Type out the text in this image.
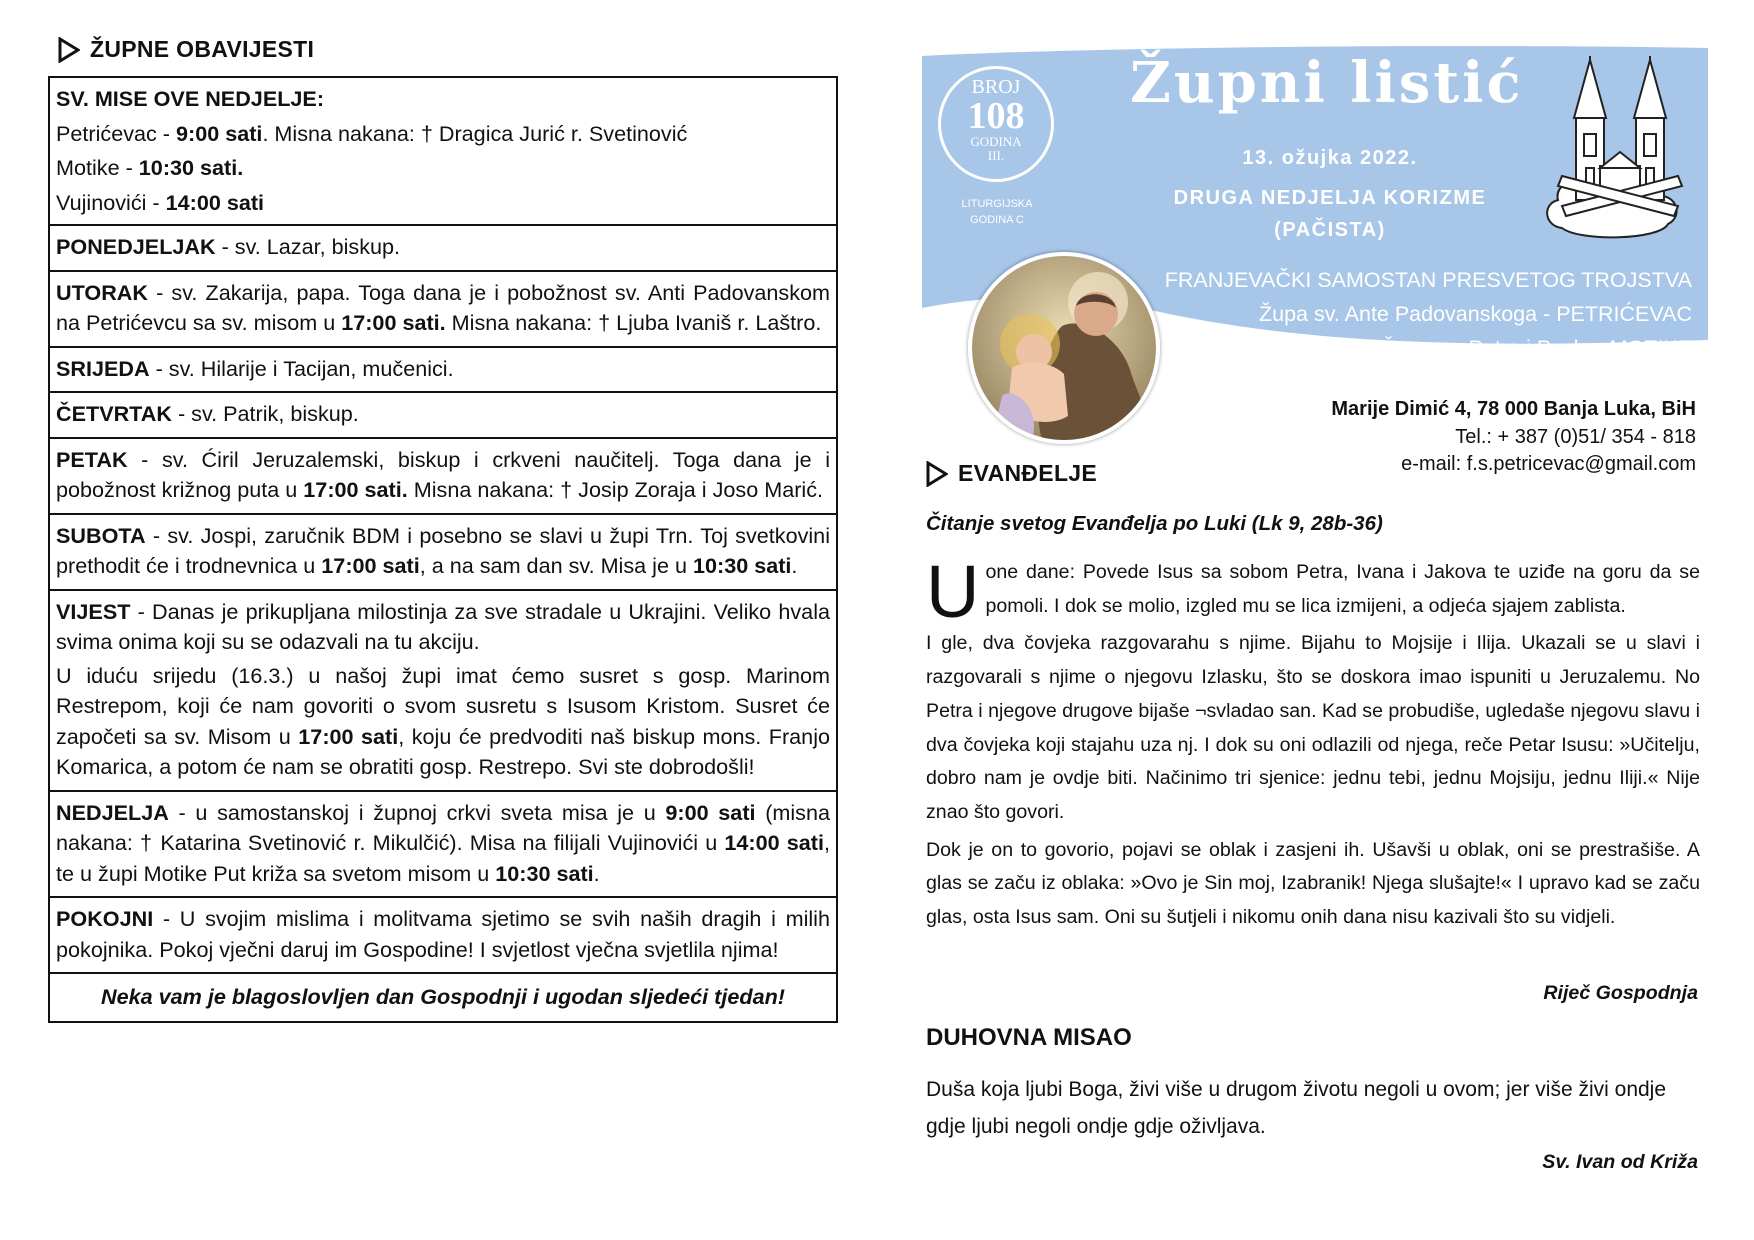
ŽUPNE OBAVIJESTI
SV. MISE OVE NEDJELJE:
Petrićevac - 9:00 sati. Misna nakana: † Dragica Jurić r. Svetinović
Motike - 10:30 sati.
Vujinovići - 14:00 sati

PONEDJELJAK - sv. Lazar, biskup.

UTORAK - sv. Zakarija, papa. Toga dana je i pobožnost sv. Anti Padovanskom na Petrićevcu sa sv. misom u 17:00 sati. Misna nakana: † Ljuba Ivaniš r. Laštro.

SRIJEDA - sv. Hilarije i Tacijan, mučenici.

ČETVRTAK - sv. Patrik, biskup.

PETAK - sv. Ćiril Jeruzalemski, biskup i crkveni naučitelj. Toga dana je i pobožnost križnog puta u 17:00 sati. Misna nakana: † Josip Zoraja i Joso Marić.

SUBOTA - sv. Jospi, zaručnik BDM i posebno se slavi u župi Trn. Toj svetkovini prethodit će i trodnevnica u 17:00 sati, a na sam dan sv. Misa je u 10:30 sati.

VIJEST - Danas je prikupljana milostinja za sve stradale u Ukrajini. Veliko hvala svima onima koji su se odazvali na tu akciju.

U iduću srijedu (16.3.) u našoj župi imat ćemo susret s gosp. Marinom Restrepom, koji će nam govoriti o svom susretu s Isusom Kristom. Susret će započeti sa sv. Misom u 17:00 sati, koju će predvoditi naš biskup mons. Franjo Komarica, a potom će nam se obratiti gosp. Restrepo. Svi ste dobrodošli!

NEDJELJA - u samostanskoj i župnoj crkvi sveta misa je u 9:00 sati (misna nakana: † Katarina Svetinović r. Mikulčić). Misa na filijali Vujinovići u 14:00 sati, te u župi Motike Put križa sa svetom misom u 10:30 sati.

POKOJNI - U svojim mislima i molitvama sjetimo se svih naših dragih i milih pokojnika. Pokoj vječni daruj im Gospodine! I svjetlost vječna svjetlila njima!

Neka vam je blagoslovljen dan Gospodnji i ugodan sljedeći tjedan!
BROJ
108
GODINA
III.
LITURGIJSKA
GODINA C
Župni listić
13. ožujka 2022.
DRUGA NEDJELJA KORIZME
(PAČISTA)
FRANJEVAČKI SAMOSTAN PRESVETOG TROJSTVA
Župa sv. Ante Padovanskoga - PETRIĆEVAC
Župa sv. Petra i Pavla - MOTIKE
Marije Dimić 4, 78 000 Banja Luka, BiH
Tel.: + 387 (0)51/ 354 - 818
e-mail: f.s.petricevac@gmail.com
EVANĐELJE
Čitanje svetog Evanđelja po Luki (Lk 9, 28b-36)

Uone dane: Povede Isus sa sobom Petra, Ivana i Jakova te uziđe na goru da se pomoli. I dok se molio, izgled mu se lica izmijeni, a odjeća sjajem zablista.

I gle, dva čovjeka razgovarahu s njime. Bijahu to Mojsije i Ilija. Ukazali se u slavi i razgovarali s njime o njegovu Izlasku, što se doskora imao ispuniti u Jeruzalemu. No Petra i njegove drugove bijaše ¬svladao san. Kad se probudiše, ugledaše njegovu slavu i dva čovjeka koji stajahu uza nj. I dok su oni odlazili od njega, reče Petar Isusu: »Učitelju, dobro nam je ovdje biti. Načinimo tri sjenice: jednu tebi, jednu Mojsiju, jednu Iliji.« Nije znao što govori.

Dok je on to govorio, pojavi se oblak i zasjeni ih. Ušavši u oblak, oni se prestrašiše. A glas se začu iz oblaka: »Ovo je Sin moj, Izabranik! Njega slušajte!« I upravo kad se začu glas, osta Isus sam. Oni su šutjeli i nikomu onih dana nisu kazivali što su vidjeli.

Riječ Gospodnja
DUHOVNA MISAO
Duša koja ljubi Boga, živi više u drugom životu negoli u ovom; jer više živi ondje gdje ljubi negoli ondje gdje oživljava.
Sv. Ivan od Križa
